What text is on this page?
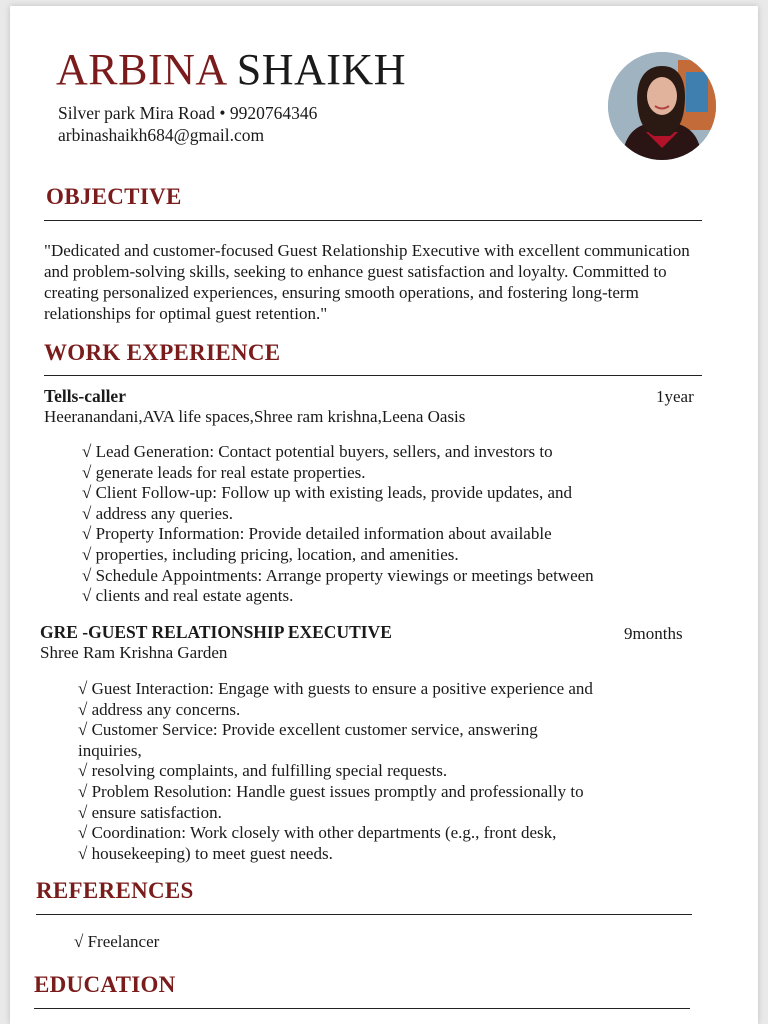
ARBINA SHAIKH
Silver park Mira Road • 9920764346
arbinashaikh684@gmail.com
OBJECTIVE
"Dedicated and customer-focused Guest Relationship Executive with excellent communication and problem-solving skills, seeking to enhance guest satisfaction and loyalty. Committed to creating personalized experiences, ensuring smooth operations, and fostering long-term relationships for optimal guest retention."
WORK EXPERIENCE
Tells-caller	1year
Heeranandani,AVA life spaces,Shree ram krishna,Leena Oasis
√ Lead Generation: Contact potential buyers, sellers, and investors to
√ generate leads for real estate properties.
√ Client Follow-up: Follow up with existing leads, provide updates, and
√ address any queries.
√ Property Information: Provide detailed information about available
√ properties, including pricing, location, and amenities.
√ Schedule Appointments: Arrange property viewings or meetings between
√ clients and real estate agents.
GRE -GUEST RELATIONSHIP EXECUTIVE	9months
Shree Ram Krishna Garden
√ Guest Interaction: Engage with guests to ensure a positive experience and
√ address any concerns.
√ Customer Service: Provide excellent customer service, answering
inquiries,
√ resolving complaints, and fulfilling special requests.
√ Problem Resolution: Handle guest issues promptly and professionally to
√ ensure satisfaction.
√ Coordination: Work closely with other departments (e.g., front desk,
√ housekeeping) to meet guest needs.
REFERENCES
√ Freelancer
EDUCATION
